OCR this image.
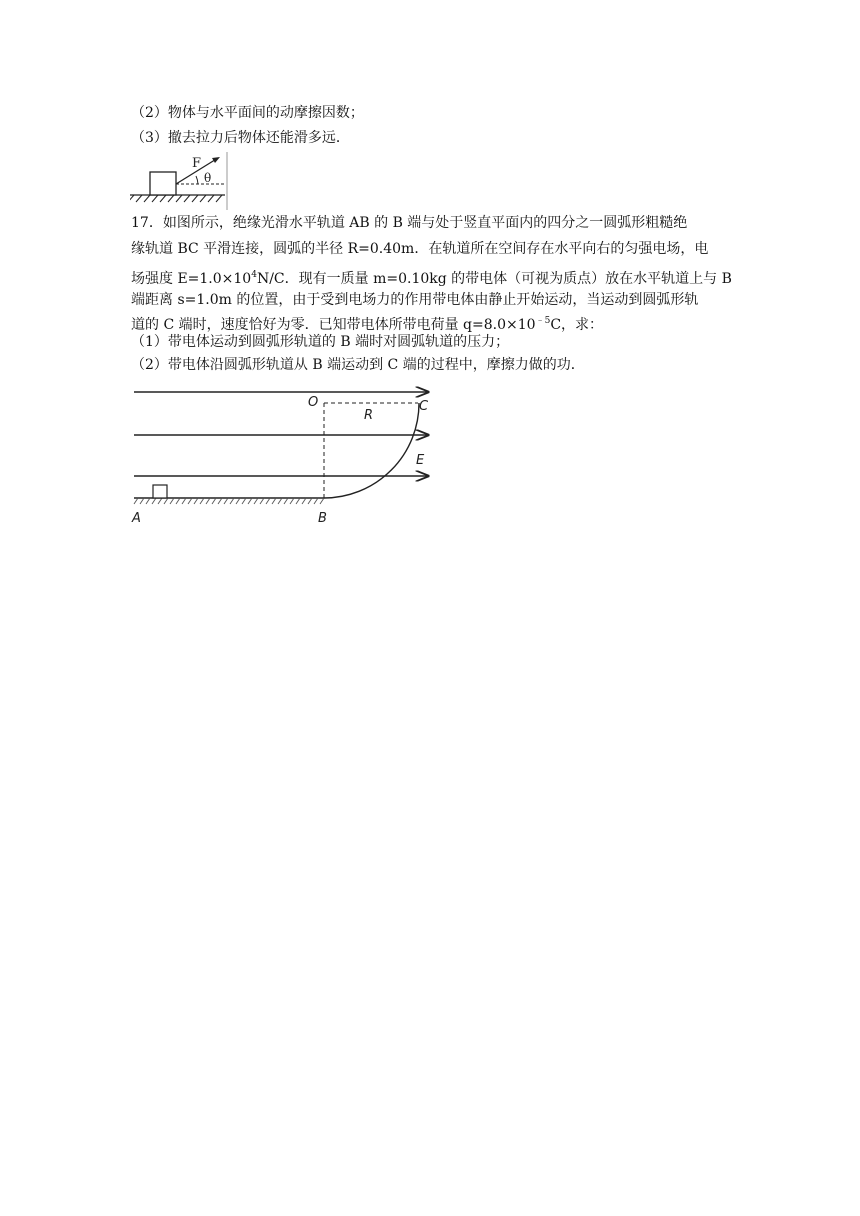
（2）物体与水平面间的动摩擦因数；
（3）撤去拉力后物体还能滑多远．
F
θ
17．如图所示，绝缘光滑水平轨道 AB 的 B 端与处于竖直平面内的四分之一圆弧形粗糙绝
缘轨道 BC 平滑连接，圆弧的半径 R=0.40m．在轨道所在空间存在水平向右的匀强电场，电
场强度 $E=1.0\times 10^4N/C$．现有一质量 m=0.10kg 的带电体（可视为质点）放在水平轨道上与 B
端距离 s=1.0m 的位置，由于受到电场力的作用带电体由静止开始运动，当运动到圆弧形轨
道的 C 端时，速度恰好为零．已知带电体所带电荷量 $q=8.0\times 10^{﹣5}C$，求：
（1）带电体运动到圆弧形轨道的 B 端时对圆弧轨道的压力；
（2）带电体沿圆弧形轨道从 B 端运动到 C 端的过程中，摩擦力做的功．
O
R
C
E
A	B
